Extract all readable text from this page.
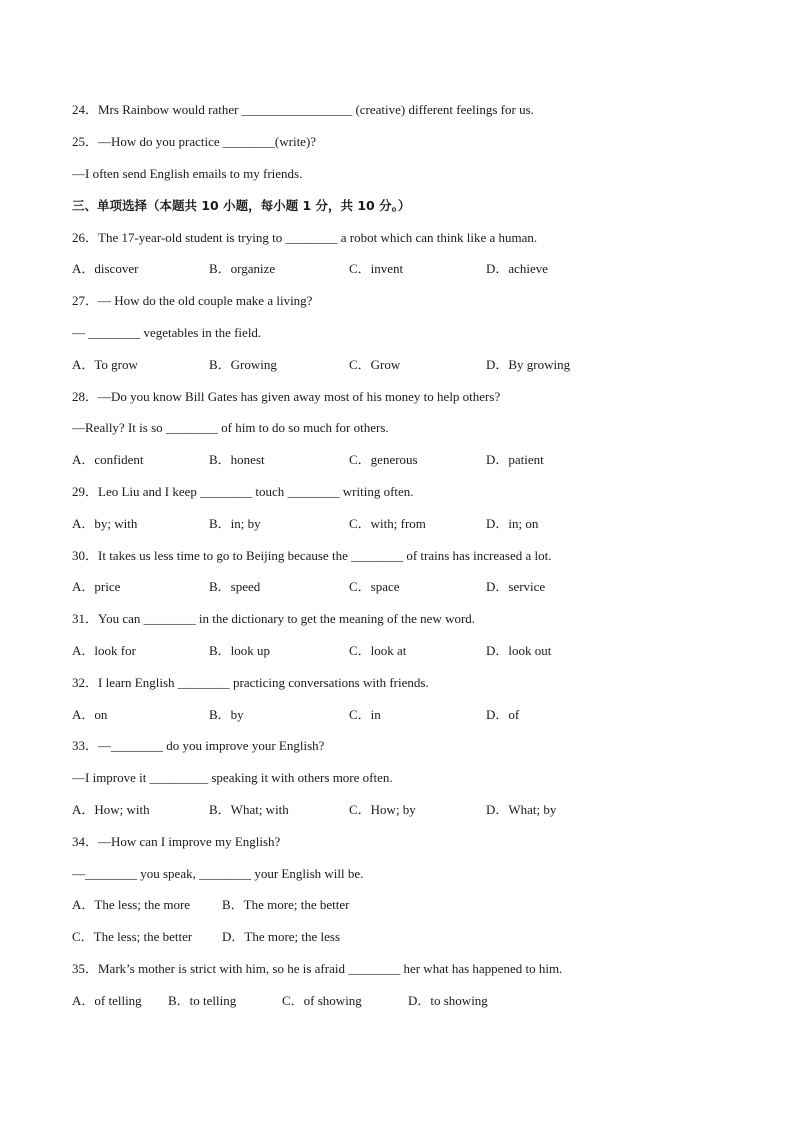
24．Mrs Rainbow would rather _________________ (creative) different feelings for us.
25．—How do you practice ________(write)?
—I often send English emails to my friends.
三、单项选择（本题共 10 小题，每小题 1 分，共 10 分。）
26．The 17-year-old student is trying to ________ a robot which can think like a human.
A．discover	B．organize	C．invent	D．achieve
27．— How do the old couple make a living?
— ________ vegetables in the field.
A．To grow	B．Growing	C．Grow	D．By growing
28．—Do you know Bill Gates has given away most of his money to help others?
—Really? It is so ________ of him to do so much for others.
A．confident	B．honest	C．generous	D．patient
29．Leo Liu and I keep ________ touch ________ writing often.
A．by; with	B．in; by	C．with; from	D．in; on
30．It takes us less time to go to Beijing because the ________ of trains has increased a lot.
A．price	B．speed	C．space	D．service
31．You can ________ in the dictionary to get the meaning of the new word.
A．look for	B．look up	C．look at	D．look out
32．I learn English ________ practicing conversations with friends.
A．on	B．by	C．in	D．of
33．—________ do you improve your English?
—I improve it _________ speaking it with others more often.
A．How; with	B．What; with	C．How; by	D．What; by
34．—How can I improve my English?
—________ you speak, ________ your English will be.
A．The less; the more B．The more; the better
C．The less; the better D．The more; the less
35．Mark’s mother is strict with him, so he is afraid ________ her what has happened to him.
A．of telling B．to telling	C．of showing	D．to showing
